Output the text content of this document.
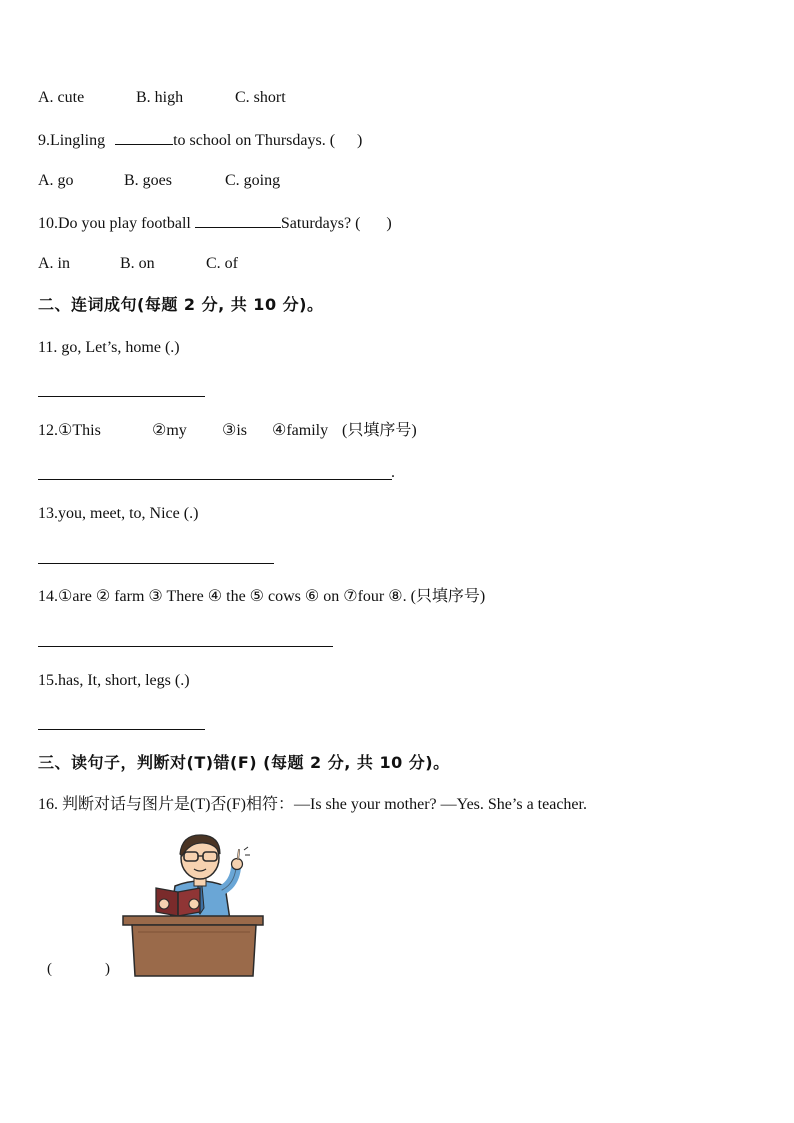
A. cute	B. high	C. short
9.Lingling	to school on Thursdays. ( )
A. go	B. goes	C. going
10.Do you play football	Saturdays? ( )
A. in	B. on	C. of
二、连词成句(每题 2 分, 共 10 分)。
11. go, Let’s, home (.)
12.①This	②my ③is ④family (只填序号)
.
13.you, meet, to, Nice (.)
14.①are ② farm ③ There ④ the ⑤ cows ⑥ on ⑦four ⑧. (只填序号)
15.has, It, short, legs (.)
三、读句子，判断对(T)错(F) (每题 2 分, 共 10 分)。
16. 判断对话与图片是(T)否(F)相符：—Is she your mother? —Yes. She’s a teacher.
(	)
